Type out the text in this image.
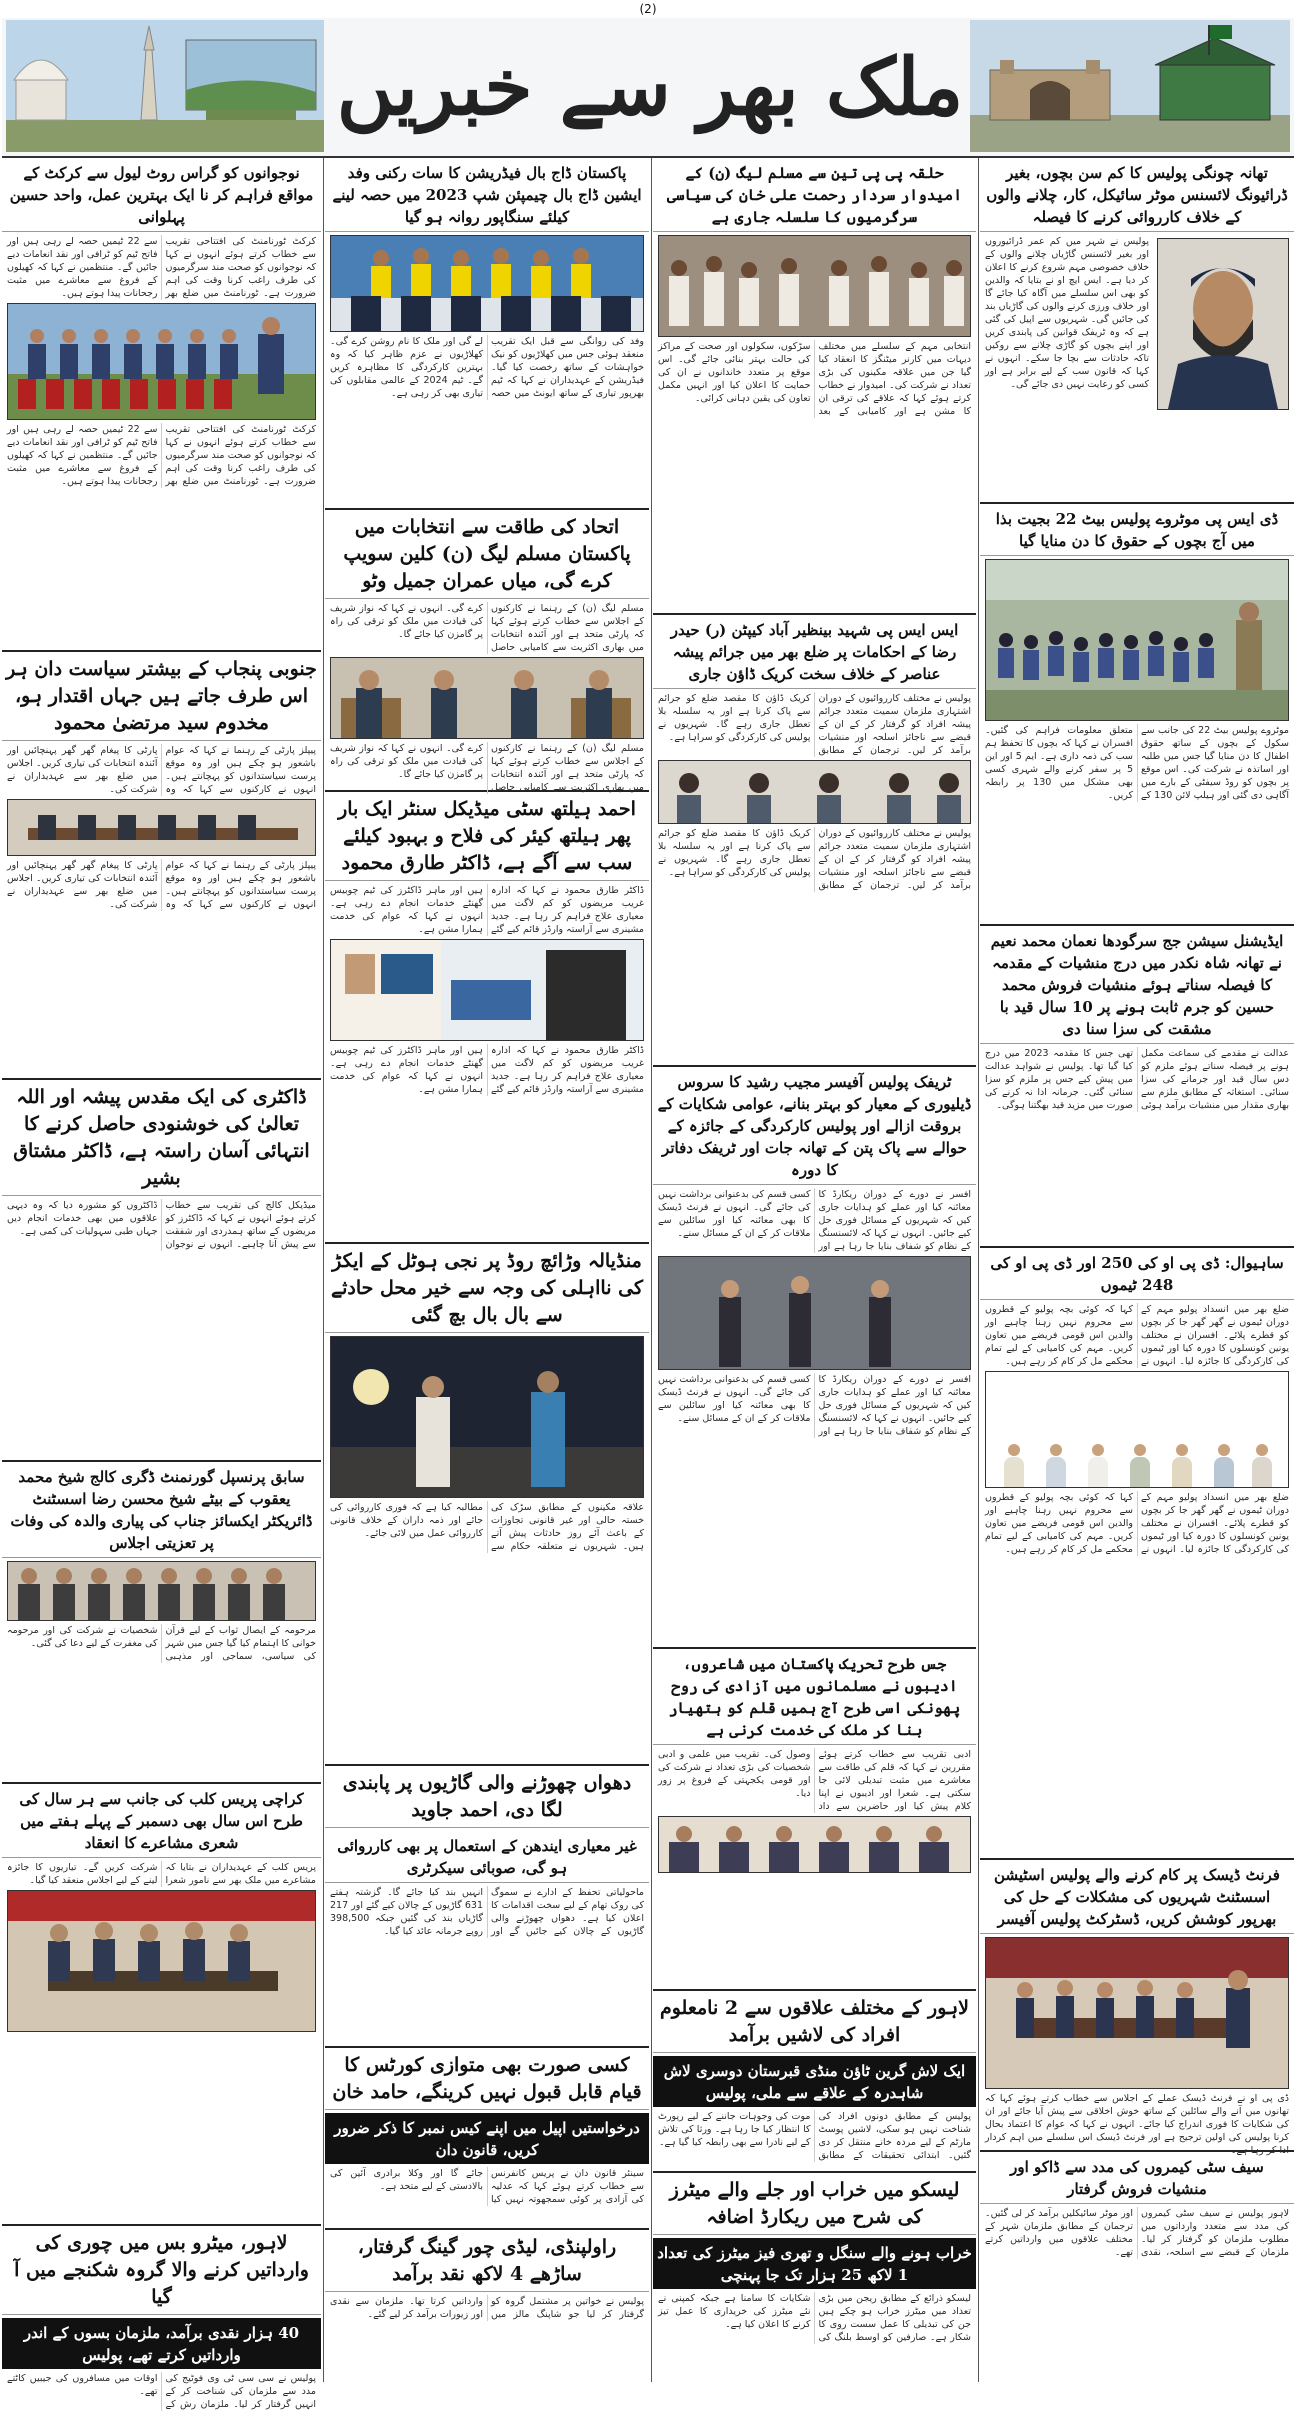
(2)
ملک بھر سے خبریں
تھانہ چونگی پولیس کا کم سن بچوں، بغیر ڈرائیونگ لائسنس موٹر سائیکل، کار، چلانے والوں کے خلاف کارروائی کرنے کا فیصلہ
پولیس نے شہر میں کم عمر ڈرائیوروں اور بغیر لائسنس گاڑیاں چلانے والوں کے خلاف خصوصی مہم شروع کرنے کا اعلان کر دیا ہے۔ ایس ایچ او نے بتایا کہ والدین کو بھی اس سلسلے میں آگاہ کیا جائے گا اور خلاف ورزی کرنے والوں کی گاڑیاں بند کی جائیں گی۔ شہریوں سے اپیل کی گئی ہے کہ وہ ٹریفک قوانین کی پابندی کریں اور اپنے بچوں کو گاڑی چلانے سے روکیں تاکہ حادثات سے بچا جا سکے۔ انہوں نے کہا کہ قانون سب کے لیے برابر ہے اور کسی کو رعایت نہیں دی جائے گی۔
ڈی ایس پی موٹروے پولیس بیٹ 22 بجیت بذا میں آج بچوں کے حقوق کا دن منایا گیا
موٹروے پولیس بیٹ 22 کی جانب سے سکول کے بچوں کے ساتھ حقوق اطفال کا دن منایا گیا جس میں طلبہ اور اساتذہ نے شرکت کی۔ اس موقع پر بچوں کو روڈ سیفٹی کے بارے میں آگاہی دی گئی اور ہیلپ لائن 130 کے متعلق معلومات فراہم کی گئیں۔ افسران نے کہا کہ بچوں کا تحفظ ہم سب کی ذمہ داری ہے۔ ایم 5 اور این 5 پر سفر کرنے والے شہری کسی بھی مشکل میں 130 پر رابطہ کریں۔
ایڈیشنل سیشن جج سرگودھا نعمان محمد نعیم نے تھانہ شاہ نکدر میں درج منشیات کے مقدمہ کا فیصلہ سناتے ہوئے منشیات فروش محمد حسین کو جرم ثابت ہونے پر 10 سال قید با مشقت کی سزا سنا دی
عدالت نے مقدمے کی سماعت مکمل ہونے پر فیصلہ سناتے ہوئے ملزم کو دس سال قید اور جرمانے کی سزا سنائی۔ استغاثہ کے مطابق ملزم سے بھاری مقدار میں منشیات برآمد ہوئی تھی جس کا مقدمہ 2023 میں درج کیا گیا تھا۔ پولیس نے شواہد عدالت میں پیش کیے جس پر ملزم کو سزا سنائی گئی۔ جرمانہ ادا نہ کرنے کی صورت میں مزید قید بھگتنا ہوگی۔
ساہیوال: ڈی پی او کی 250 اور ڈی پی او کی 248 ٹیموں
ضلع بھر میں انسداد پولیو مہم کے دوران ٹیموں نے گھر گھر جا کر بچوں کو قطرے پلائے۔ افسران نے مختلف یونین کونسلوں کا دورہ کیا اور ٹیموں کی کارکردگی کا جائزہ لیا۔ انہوں نے کہا کہ کوئی بچہ پولیو کے قطروں سے محروم نہیں رہنا چاہیے اور والدین اس قومی فریضے میں تعاون کریں۔ مہم کی کامیابی کے لیے تمام محکمے مل کر کام کر رہے ہیں۔
ضلع بھر میں انسداد پولیو مہم کے دوران ٹیموں نے گھر گھر جا کر بچوں کو قطرے پلائے۔ افسران نے مختلف یونین کونسلوں کا دورہ کیا اور ٹیموں کی کارکردگی کا جائزہ لیا۔ انہوں نے کہا کہ کوئی بچہ پولیو کے قطروں سے محروم نہیں رہنا چاہیے اور والدین اس قومی فریضے میں تعاون کریں۔ مہم کی کامیابی کے لیے تمام محکمے مل کر کام کر رہے ہیں۔
فرنٹ ڈیسک پر کام کرنے والے پولیس اسٹیشن اسسٹنٹ شہریوں کی مشکلات کے حل کی بھرپور کوشش کریں، ڈسٹرکٹ پولیس آفیسر
ڈی پی او نے فرنٹ ڈیسک عملے کے اجلاس سے خطاب کرتے ہوئے کہا کہ تھانوں میں آنے والے سائلین کے ساتھ خوش اخلاقی سے پیش آیا جائے اور ان کی شکایات کا فوری اندراج کیا جائے۔ انہوں نے کہا کہ عوام کا اعتماد بحال کرنا پولیس کی اولین ترجیح ہے اور فرنٹ ڈیسک اس سلسلے میں اہم کردار ادا کر رہا ہے۔
سیف سٹی کیمروں کی مدد سے ڈاکو اور منشیات فروش گرفتار
لاہور پولیس نے سیف سٹی کیمروں کی مدد سے متعدد وارداتوں میں مطلوب ملزمان کو گرفتار کر لیا۔ ملزمان کے قبضے سے اسلحہ، نقدی اور موٹر سائیکلیں برآمد کر لی گئیں۔ ترجمان کے مطابق ملزمان شہر کے مختلف علاقوں میں وارداتیں کرتے تھے۔
حلقہ پی پی تین سے مسلم لیگ (ن) کے امیدوار سردار رحمت علی خان کی سیاسی سرگرمیوں کا سلسلہ جاری ہے
انتخابی مہم کے سلسلے میں مختلف دیہات میں کارنر میٹنگز کا انعقاد کیا گیا جن میں علاقہ مکینوں کی بڑی تعداد نے شرکت کی۔ امیدوار نے خطاب کرتے ہوئے کہا کہ علاقے کی ترقی ان کا مشن ہے اور کامیابی کے بعد سڑکوں، سکولوں اور صحت کے مراکز کی حالت بہتر بنائی جائے گی۔ اس موقع پر متعدد خاندانوں نے ان کی حمایت کا اعلان کیا اور انہیں مکمل تعاون کی یقین دہانی کرائی۔
ایس ایس پی شہید بینظیر آباد کیپٹن (ر) حیدر رضا کے احکامات پر ضلع بھر میں جرائم پیشہ عناصر کے خلاف سخت کریک ڈاؤن جاری
پولیس نے مختلف کارروائیوں کے دوران اشتہاری ملزمان سمیت متعدد جرائم پیشہ افراد کو گرفتار کر کے ان کے قبضے سے ناجائز اسلحہ اور منشیات برآمد کر لیں۔ ترجمان کے مطابق کریک ڈاؤن کا مقصد ضلع کو جرائم سے پاک کرنا ہے اور یہ سلسلہ بلا تعطل جاری رہے گا۔ شہریوں نے پولیس کی کارکردگی کو سراہا ہے۔
پولیس نے مختلف کارروائیوں کے دوران اشتہاری ملزمان سمیت متعدد جرائم پیشہ افراد کو گرفتار کر کے ان کے قبضے سے ناجائز اسلحہ اور منشیات برآمد کر لیں۔ ترجمان کے مطابق کریک ڈاؤن کا مقصد ضلع کو جرائم سے پاک کرنا ہے اور یہ سلسلہ بلا تعطل جاری رہے گا۔ شہریوں نے پولیس کی کارکردگی کو سراہا ہے۔
ٹریفک پولیس آفیسر مجیب رشید کا سروس ڈیلیوری کے معیار کو بہتر بنانے، عوامی شکایات کے بروقت ازالے اور پولیس کارکردگی کے جائزہ کے حوالے سے پاک پتن کے تھانہ جات اور ٹریفک دفاتر کا دورہ
افسر نے دورے کے دوران ریکارڈ کا معائنہ کیا اور عملے کو ہدایات جاری کیں کہ شہریوں کے مسائل فوری حل کیے جائیں۔ انہوں نے کہا کہ لائسنسنگ کے نظام کو شفاف بنایا جا رہا ہے اور کسی قسم کی بدعنوانی برداشت نہیں کی جائے گی۔ انہوں نے فرنٹ ڈیسک کا بھی معائنہ کیا اور سائلین سے ملاقات کر کے ان کے مسائل سنے۔
افسر نے دورے کے دوران ریکارڈ کا معائنہ کیا اور عملے کو ہدایات جاری کیں کہ شہریوں کے مسائل فوری حل کیے جائیں۔ انہوں نے کہا کہ لائسنسنگ کے نظام کو شفاف بنایا جا رہا ہے اور کسی قسم کی بدعنوانی برداشت نہیں کی جائے گی۔ انہوں نے فرنٹ ڈیسک کا بھی معائنہ کیا اور سائلین سے ملاقات کر کے ان کے مسائل سنے۔
جس طرح تحریک پاکستان میں شاعروں، ادیبوں نے مسلمانوں میں آزادی کی روح پھونکی اسی طرح آج ہمیں قلم کو ہتھیار بنا کر ملک کی خدمت کرنی ہے
ادبی تقریب سے خطاب کرتے ہوئے مقررین نے کہا کہ قلم کی طاقت سے معاشرے میں مثبت تبدیلی لائی جا سکتی ہے۔ شعرا اور ادیبوں نے اپنا کلام پیش کیا اور حاضرین سے داد وصول کی۔ تقریب میں علمی و ادبی شخصیات کی بڑی تعداد نے شرکت کی اور قومی یکجہتی کے فروغ پر زور دیا۔
لاہور کے مختلف علاقوں سے 2 نامعلوم افراد کی لاشیں برآمد
ایک لاش گرین ٹاؤن منڈی قبرستان دوسری لاش شاہدرہ کے علاقے سے ملی، پولیس
پولیس کے مطابق دونوں افراد کی شناخت نہیں ہو سکی، لاشیں پوسٹ مارٹم کے لیے مردہ خانے منتقل کر دی گئیں۔ ابتدائی تحقیقات کے مطابق موت کی وجوہات جاننے کے لیے رپورٹ کا انتظار کیا جا رہا ہے۔ ورثا کی تلاش کے لیے نادرا سے بھی رابطہ کیا گیا ہے۔
لیسکو میں خراب اور جلے والے میٹرز کی شرح میں ریکارڈ اضافہ
خراب ہونے والے سنگل و تھری فیز میٹرز کی تعداد 1 لاکھ 25 ہزار تک جا پہنچی
لیسکو ذرائع کے مطابق ریجن میں بڑی تعداد میں میٹرز خراب ہو چکے ہیں جن کی تبدیلی کا عمل سست روی کا شکار ہے۔ صارفین کو اوسط بلنگ کی شکایات کا سامنا ہے جبکہ کمپنی نے نئے میٹرز کی خریداری کا عمل تیز کرنے کا اعلان کیا ہے۔
پاکستان ڈاج بال فیڈریشن کا سات رکنی وفد ایشین ڈاج بال چیمپئن شپ 2023 میں حصہ لینے کیلئے سنگاپور روانہ ہو گیا
وفد کی روانگی سے قبل ایک تقریب منعقد ہوئی جس میں کھلاڑیوں کو نیک خواہشات کے ساتھ رخصت کیا گیا۔ فیڈریشن کے عہدیداران نے کہا کہ ٹیم بھرپور تیاری کے ساتھ ایونٹ میں حصہ لے گی اور ملک کا نام روشن کرے گی۔ کھلاڑیوں نے عزم ظاہر کیا کہ وہ بہترین کارکردگی کا مظاہرہ کریں گے۔ ٹیم 2024 کے عالمی مقابلوں کی تیاری بھی کر رہی ہے۔
اتحاد کی طاقت سے انتخابات میں پاکستان مسلم لیگ (ن) کلین سویپ کرے گی، میاں عمران جمیل وٹو
مسلم لیگ (ن) کے رہنما نے کارکنوں کے اجلاس سے خطاب کرتے ہوئے کہا کہ پارٹی متحد ہے اور آئندہ انتخابات میں بھاری اکثریت سے کامیابی حاصل کرے گی۔ انہوں نے کہا کہ نواز شریف کی قیادت میں ملک کو ترقی کی راہ پر گامزن کیا جائے گا۔
مسلم لیگ (ن) کے رہنما نے کارکنوں کے اجلاس سے خطاب کرتے ہوئے کہا کہ پارٹی متحد ہے اور آئندہ انتخابات میں بھاری اکثریت سے کامیابی حاصل کرے گی۔ انہوں نے کہا کہ نواز شریف کی قیادت میں ملک کو ترقی کی راہ پر گامزن کیا جائے گا۔
احمد ہیلتھ سٹی میڈیکل سنٹر ایک بار پھر ہیلتھ کیئر کی فلاح و بہبود کیلئے سب سے آگے ہے، ڈاکٹر طارق محمود
ڈاکٹر طارق محمود نے کہا کہ ادارہ غریب مریضوں کو کم لاگت میں معیاری علاج فراہم کر رہا ہے۔ جدید مشینری سے آراستہ وارڈز قائم کیے گئے ہیں اور ماہر ڈاکٹرز کی ٹیم چوبیس گھنٹے خدمات انجام دے رہی ہے۔ انہوں نے کہا کہ عوام کی خدمت ہمارا مشن ہے۔
ڈاکٹر طارق محمود نے کہا کہ ادارہ غریب مریضوں کو کم لاگت میں معیاری علاج فراہم کر رہا ہے۔ جدید مشینری سے آراستہ وارڈز قائم کیے گئے ہیں اور ماہر ڈاکٹرز کی ٹیم چوبیس گھنٹے خدمات انجام دے رہی ہے۔ انہوں نے کہا کہ عوام کی خدمت ہمارا مشن ہے۔
منڈیالہ وڑائچ روڈ پر نجی ہوٹل کے ایکڑ کی نااہلی کی وجہ سے خیر محل حادثے سے بال بال بچ گئی
علاقہ مکینوں کے مطابق سڑک کی خستہ حالی اور غیر قانونی تجاوزات کے باعث آئے روز حادثات پیش آتے ہیں۔ شہریوں نے متعلقہ حکام سے مطالبہ کیا ہے کہ فوری کارروائی کی جائے اور ذمہ داران کے خلاف قانونی کارروائی عمل میں لائی جائے۔
دھواں چھوڑنے والی گاڑیوں پر پابندی لگا دی، احمد جاوید
غیر معیاری ایندھن کے استعمال پر بھی کارروائی ہو گی، صوبائی سیکرٹری
ماحولیاتی تحفظ کے ادارے نے سموگ کی روک تھام کے لیے سخت اقدامات کا اعلان کیا ہے۔ دھواں چھوڑنے والی گاڑیوں کے چالان کیے جائیں گے اور انہیں بند کیا جائے گا۔ گزشتہ ہفتے 631 گاڑیوں کے چالان کیے گئے اور 217 گاڑیاں بند کی گئیں جبکہ 398,500 روپے جرمانہ عائد کیا گیا۔
کسی صورت بھی متوازی کورٹس کا قیام قابل قبول نہیں کرینگے، حامد خان
درخواستیں اپیل میں اپنے کیس نمبر کا ذکر ضرور کریں، قانون دان
سینئر قانون دان نے پریس کانفرنس سے خطاب کرتے ہوئے کہا کہ عدلیہ کی آزادی پر کوئی سمجھوتہ نہیں کیا جائے گا اور وکلا برادری آئین کی بالادستی کے لیے متحد ہے۔
راولپنڈی، لیڈی چور گینگ گرفتار، ساڑھے 4 لاکھ نقد برآمد
پولیس نے خواتین پر مشتمل گروہ کو گرفتار کر لیا جو شاپنگ مالز میں وارداتیں کرتا تھا۔ ملزمان سے نقدی اور زیورات برآمد کر لیے گئے۔
نوجوانوں کو گراس روٹ لیول سے کرکٹ کے مواقع فراہم کر نا ایک بہترین عمل، واحد حسین پہلوانی
کرکٹ ٹورنامنٹ کی افتتاحی تقریب سے خطاب کرتے ہوئے انہوں نے کہا کہ نوجوانوں کو صحت مند سرگرمیوں کی طرف راغب کرنا وقت کی اہم ضرورت ہے۔ ٹورنامنٹ میں ضلع بھر سے 22 ٹیمیں حصہ لے رہی ہیں اور فاتح ٹیم کو ٹرافی اور نقد انعامات دیے جائیں گے۔ منتظمین نے کہا کہ کھیلوں کے فروغ سے معاشرے میں مثبت رجحانات پیدا ہوتے ہیں۔
کرکٹ ٹورنامنٹ کی افتتاحی تقریب سے خطاب کرتے ہوئے انہوں نے کہا کہ نوجوانوں کو صحت مند سرگرمیوں کی طرف راغب کرنا وقت کی اہم ضرورت ہے۔ ٹورنامنٹ میں ضلع بھر سے 22 ٹیمیں حصہ لے رہی ہیں اور فاتح ٹیم کو ٹرافی اور نقد انعامات دیے جائیں گے۔ منتظمین نے کہا کہ کھیلوں کے فروغ سے معاشرے میں مثبت رجحانات پیدا ہوتے ہیں۔
جنوبی پنجاب کے بیشتر سیاست دان ہر اس طرف جاتے ہیں جہاں اقتدار ہو، مخدوم سید مرتضیٰ محمود
پیپلز پارٹی کے رہنما نے کہا کہ عوام باشعور ہو چکے ہیں اور وہ موقع پرست سیاستدانوں کو پہچانتے ہیں۔ انہوں نے کارکنوں سے کہا کہ وہ پارٹی کا پیغام گھر گھر پہنچائیں اور آئندہ انتخابات کی تیاری کریں۔ اجلاس میں ضلع بھر سے عہدیداران نے شرکت کی۔
پیپلز پارٹی کے رہنما نے کہا کہ عوام باشعور ہو چکے ہیں اور وہ موقع پرست سیاستدانوں کو پہچانتے ہیں۔ انہوں نے کارکنوں سے کہا کہ وہ پارٹی کا پیغام گھر گھر پہنچائیں اور آئندہ انتخابات کی تیاری کریں۔ اجلاس میں ضلع بھر سے عہدیداران نے شرکت کی۔
ڈاکٹری کی ایک مقدس پیشہ اور اللہ تعالیٰ کی خوشنودی حاصل کرنے کا انتہائی آسان راستہ ہے، ڈاکٹر مشتاق بشیر
میڈیکل کالج کی تقریب سے خطاب کرتے ہوئے انہوں نے کہا کہ ڈاکٹرز کو مریضوں کے ساتھ ہمدردی اور شفقت سے پیش آنا چاہیے۔ انہوں نے نوجوان ڈاکٹروں کو مشورہ دیا کہ وہ دیہی علاقوں میں بھی خدمات انجام دیں جہاں طبی سہولیات کی کمی ہے۔
سابق پرنسپل گورنمنٹ ڈگری کالج شیخ محمد یعقوب کے بیٹے شیخ محسن رضا اسسٹنٹ ڈائریکٹر ایکسائز جناب کی پیاری والدہ کی وفات پر تعزیتی اجلاس
مرحومہ کے ایصال ثواب کے لیے قرآن خوانی کا اہتمام کیا گیا جس میں شہر کی سیاسی، سماجی اور مذہبی شخصیات نے شرکت کی اور مرحومہ کی مغفرت کے لیے دعا کی گئی۔
کراچی پریس کلب کی جانب سے ہر سال کی طرح اس سال بھی دسمبر کے پہلے ہفتے میں شعری مشاعرے کا انعقاد
پریس کلب کے عہدیداران نے بتایا کہ مشاعرے میں ملک بھر سے نامور شعرا شرکت کریں گے۔ تیاریوں کا جائزہ لینے کے لیے اجلاس منعقد کیا گیا۔
لاہور، میٹرو بس میں چوری کی وارداتیں کرنے والا گروہ شکنجے میں آ گیا
40 ہزار نقدی برآمد، ملزمان بسوں کے اندر وارداتیں کرتے تھے، پولیس
پولیس نے سی سی ٹی وی فوٹیج کی مدد سے ملزمان کی شناخت کر کے انہیں گرفتار کر لیا۔ ملزمان رش کے اوقات میں مسافروں کی جیبیں کاٹتے تھے۔
